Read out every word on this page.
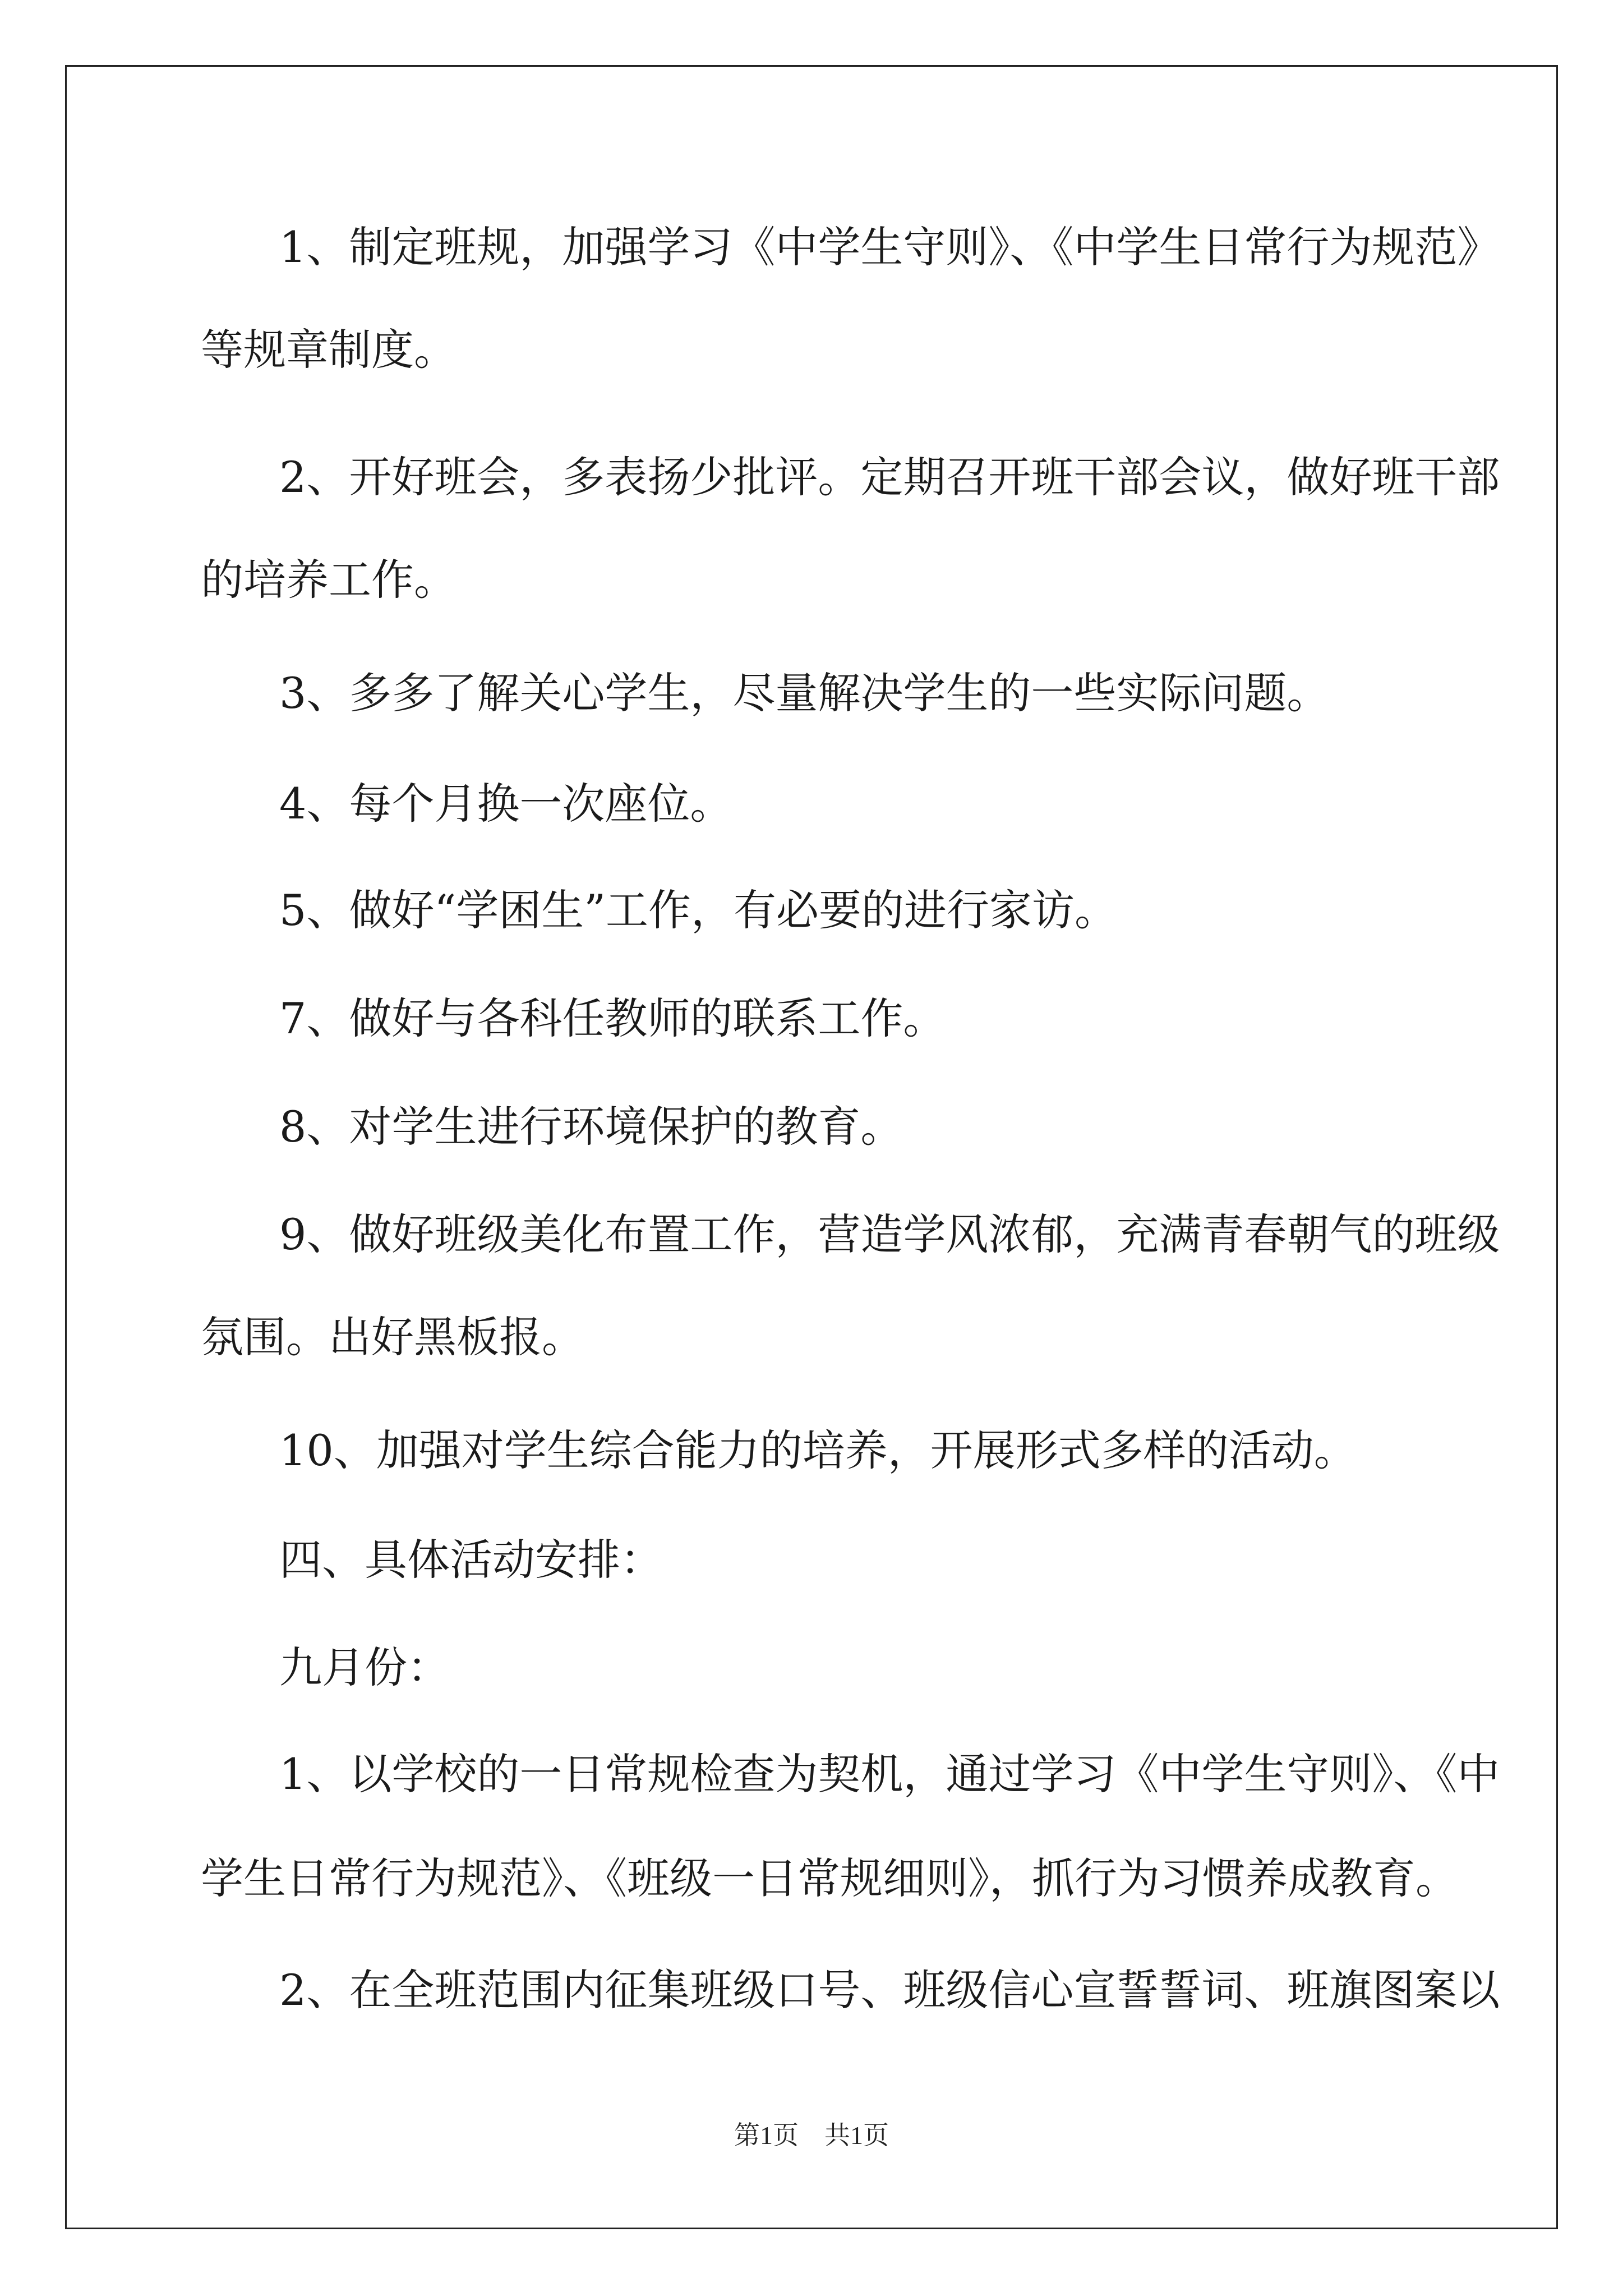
1、制定班规，加强学习《中学生守则》、《中学生日常行为规范》
等规章制度。
2、开好班会，多表扬少批评。定期召开班干部会议，做好班干部
的培养工作。
3、多多了解关心学生，尽量解决学生的一些实际问题。
4、每个月换一次座位。
5、做好“学困生”工作，有必要的进行家访。
7、做好与各科任教师的联系工作。
8、对学生进行环境保护的教育。
9、做好班级美化布置工作，营造学风浓郁，充满青春朝气的班级
氛围。出好黑板报。
10、加强对学生综合能力的培养，开展形式多样的活动。
四、具体活动安排：
九月份：
1、以学校的一日常规检查为契机，通过学习《中学生守则》、《中
学生日常行为规范》、《班级一日常规细则》，抓行为习惯养成教育。
2、在全班范围内征集班级口号、班级信心宣誓誓词、班旗图案以
第1页　共1页
